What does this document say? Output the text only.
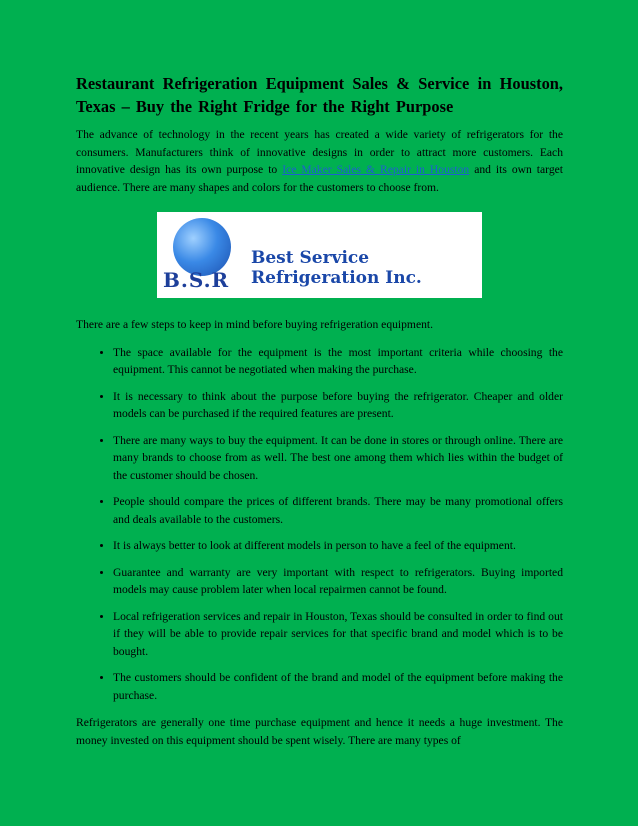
Restaurant Refrigeration Equipment Sales & Service in Houston, Texas – Buy the Right Fridge for the Right Purpose

The advance of technology in the recent years has created a wide variety of refrigerators for the consumers. Manufacturers think of innovative designs in order to attract more customers. Each innovative design has its own purpose to Ice Maker Sales & Repair in Houston and its own target audience. There are many shapes and colors for the customers to choose from.

B.S.R
Best Service Refrigeration Inc.

There are a few steps to keep in mind before buying refrigeration equipment.

• The space available for the equipment is the most important criteria while choosing the equipment. This cannot be negotiated when making the purchase.
• It is necessary to think about the purpose before buying the refrigerator. Cheaper and older models can be purchased if the required features are present.
• There are many ways to buy the equipment. It can be done in stores or through online. There are many brands to choose from as well. The best one among them which lies within the budget of the customer should be chosen.
• People should compare the prices of different brands. There may be many promotional offers and deals available to the customers.
• It is always better to look at different models in person to have a feel of the equipment.
• Guarantee and warranty are very important with respect to refrigerators. Buying imported models may cause problem later when local repairmen cannot be found.
• Local refrigeration services and repair in Houston, Texas should be consulted in order to find out if they will be able to provide repair services for that specific brand and model which is to be bought.
• The customers should be confident of the brand and model of the equipment before making the purchase.

Refrigerators are generally one time purchase equipment and hence it needs a huge investment. The money invested on this equipment should be spent wisely. There are many types of
